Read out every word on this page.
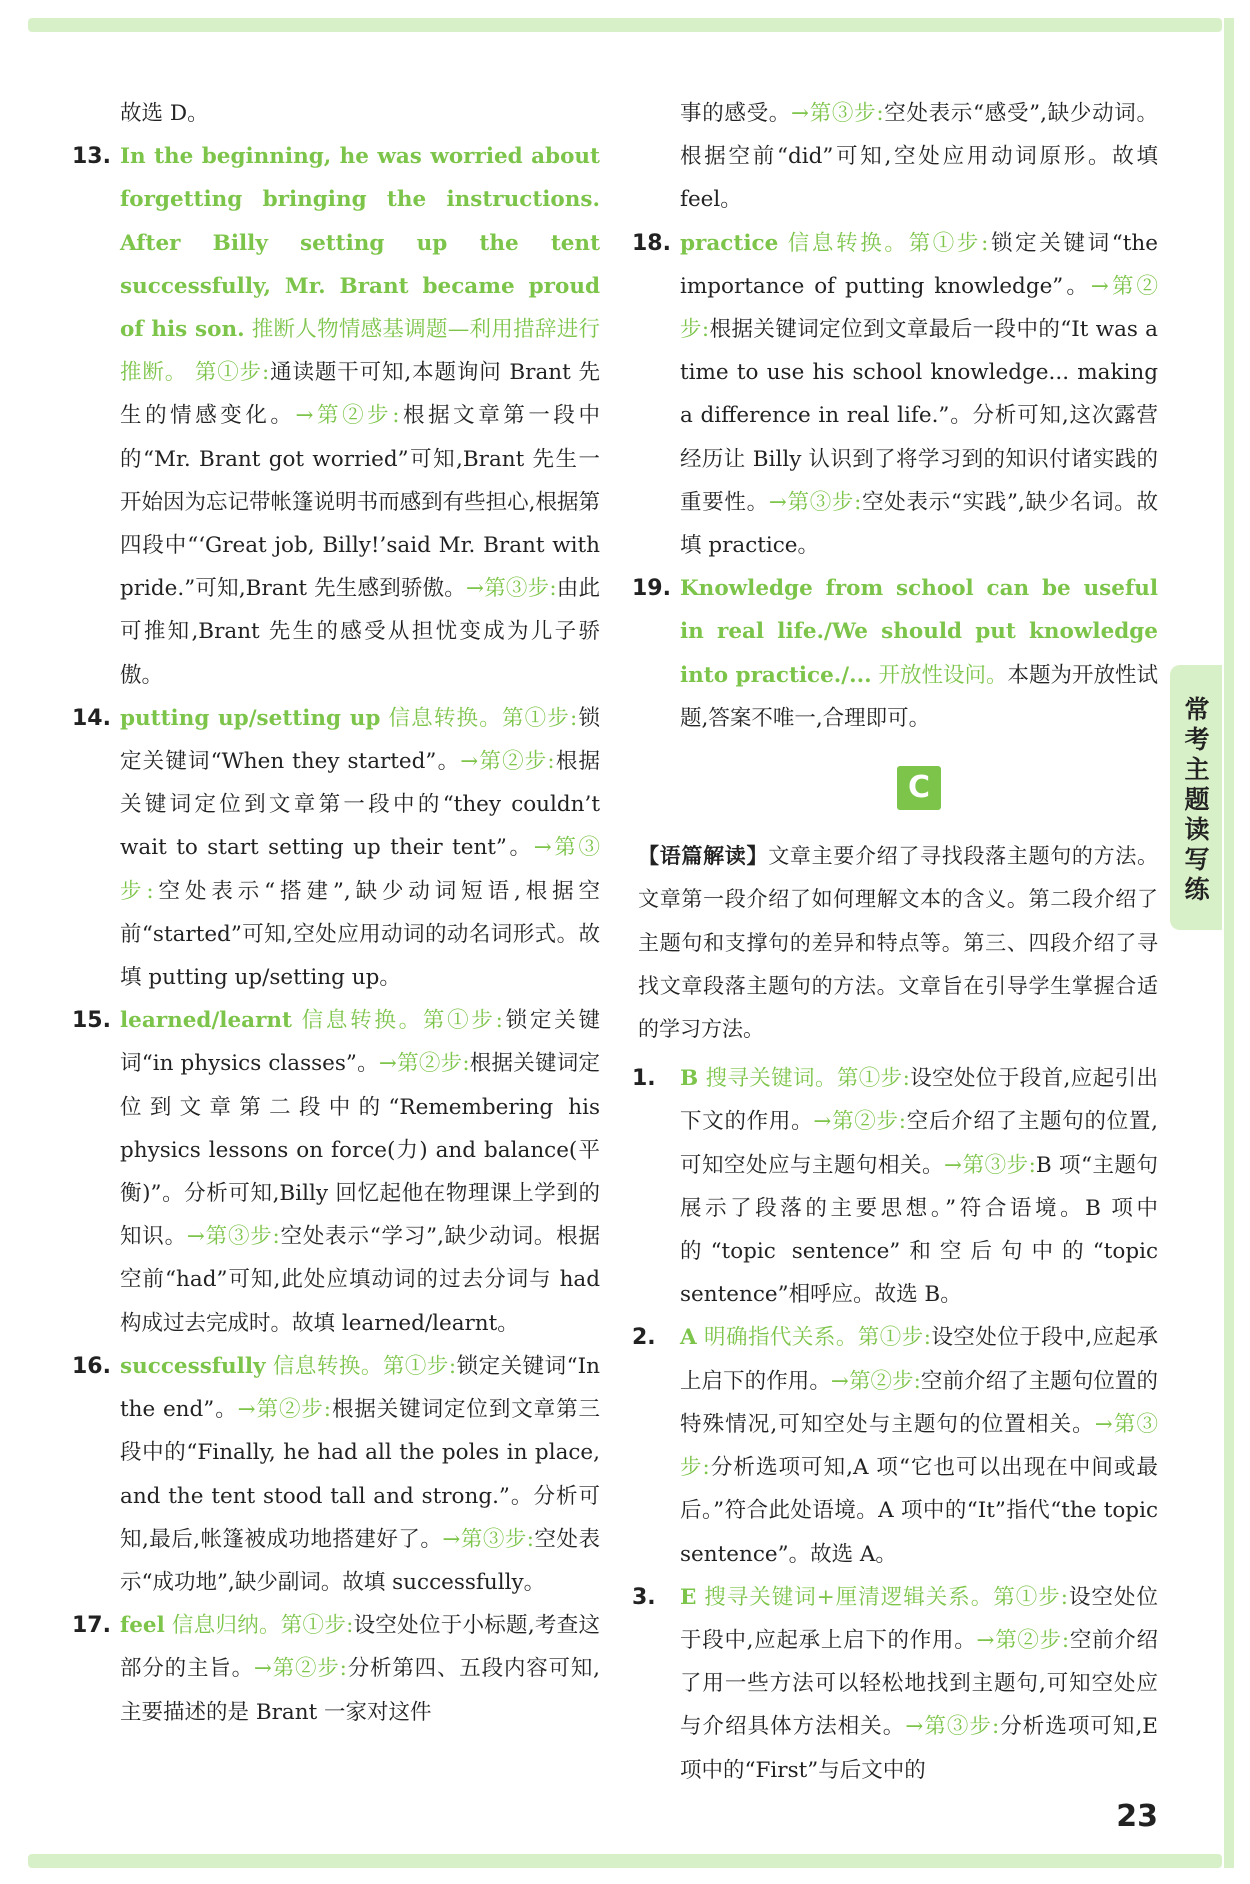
常考主题读写练

故选 D。

13. In the beginning, he was worried about forgetting bringing the instructions. After Billy setting up the tent successfully, Mr. Brant became proud of his son. 推断人物情感基调题—利用措辞进行推断。 第①步:通读题干可知,本题询问 Brant 先生的情感变化。→第②步:根据文章第一段中的“Mr. Brant got worried”可知,Brant 先生一开始因为忘记带帐篷说明书而感到有些担心,根据第四段中“‘Great job, Billy!’said Mr. Brant with pride.”可知,Brant 先生感到骄傲。→第③步:由此可推知,Brant 先生的感受从担忧变成为儿子骄傲。

14. putting up/setting up 信息转换。第①步:锁定关键词“When they started”。→第②步:根据关键词定位到文章第一段中的“they couldn’t wait to start setting up their tent”。→第③步:空处表示“搭建”,缺少动词短语,根据空前“started”可知,空处应用动词的动名词形式。故填 putting up/setting up。

15. learned/learnt 信息转换。第①步:锁定关键词“in physics classes”。→第②步:根据关键词定位到文章第二段中的“Remembering his physics lessons on force(力) and balance(平衡)”。分析可知,Billy 回忆起他在物理课上学到的知识。→第③步:空处表示“学习”,缺少动词。根据空前“had”可知,此处应填动词的过去分词与 had 构成过去完成时。故填 learned/learnt。

16. successfully 信息转换。第①步:锁定关键词“In the end”。→第②步:根据关键词定位到文章第三段中的“Finally, he had all the poles in place, and the tent stood tall and strong.”。分析可知,最后,帐篷被成功地搭建好了。→第③步:空处表示“成功地”,缺少副词。故填 successfully。

17. feel 信息归纳。第①步:设空处位于小标题,考查这部分的主旨。→第②步:分析第四、五段内容可知,主要描述的是 Brant 一家对这件

事的感受。→第③步:空处表示“感受”,缺少动词。根据空前“did”可知,空处应用动词原形。故填 feel。

18. practice 信息转换。第①步:锁定关键词“the importance of putting knowledge”。→第②步:根据关键词定位到文章最后一段中的“It was a time to use his school knowledge... making a difference in real life.”。分析可知,这次露营经历让 Billy 认识到了将学习到的知识付诸实践的重要性。→第③步:空处表示“实践”,缺少名词。故填 practice。

19. Knowledge from school can be useful in real life./We should put knowledge into practice./... 开放性设问。本题为开放性试题,答案不唯一,合理即可。

C

【语篇解读】文章主要介绍了寻找段落主题句的方法。文章第一段介绍了如何理解文本的含义。第二段介绍了主题句和支撑句的差异和特点等。第三、四段介绍了寻找文章段落主题句的方法。文章旨在引导学生掌握合适的学习方法。

1. B 搜寻关键词。第①步:设空处位于段首,应起引出下文的作用。→第②步:空后介绍了主题句的位置,可知空处应与主题句相关。→第③步:B 项“主题句展示了段落的主要思想。”符合语境。B 项中的“topic sentence”和空后句中的“topic sentence”相呼应。故选 B。

2. A 明确指代关系。第①步:设空处位于段中,应起承上启下的作用。→第②步:空前介绍了主题句位置的特殊情况,可知空处与主题句的位置相关。→第③步:分析选项可知,A 项“它也可以出现在中间或最后。”符合此处语境。A 项中的“It”指代“the topic sentence”。故选 A。

3. E 搜寻关键词+厘清逻辑关系。第①步:设空处位于段中,应起承上启下的作用。→第②步:空前介绍了用一些方法可以轻松地找到主题句,可知空处应与介绍具体方法相关。→第③步:分析选项可知,E 项中的“First”与后文中的

23
